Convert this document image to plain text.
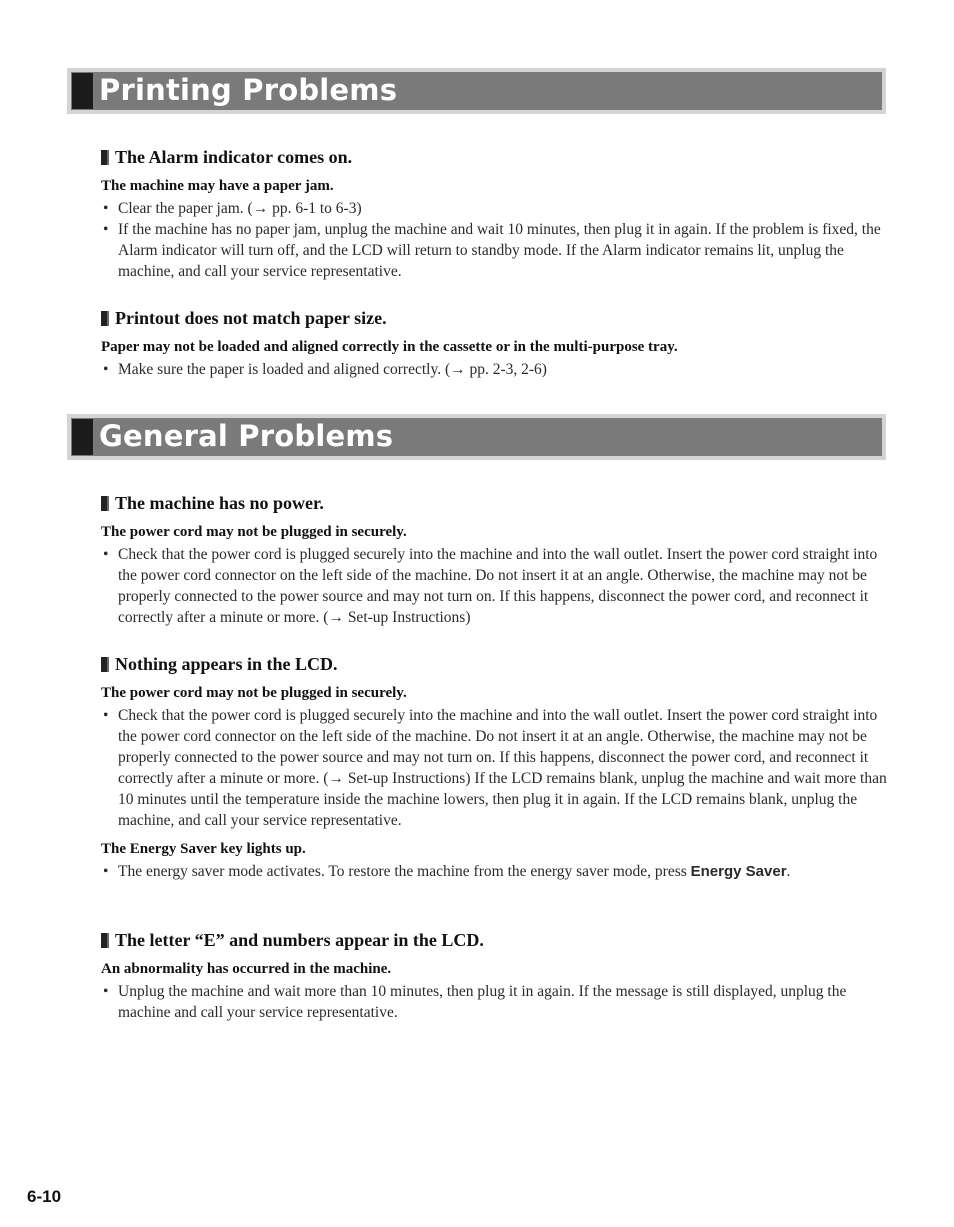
Printing Problems
The Alarm indicator comes on.
The machine may have a paper jam.
• Clear the paper jam. (→ pp. 6-1 to 6-3)
• If the machine has no paper jam, unplug the machine and wait 10 minutes, then plug it in again. If the problem is fixed, the Alarm indicator will turn off, and the LCD will return to standby mode. If the Alarm indicator remains lit, unplug the machine, and call your service representative.
Printout does not match paper size.
Paper may not be loaded and aligned correctly in the cassette or in the multi-purpose tray.
• Make sure the paper is loaded and aligned correctly. (→ pp. 2-3, 2-6)
General Problems
The machine has no power.
The power cord may not be plugged in securely.
• Check that the power cord is plugged securely into the machine and into the wall outlet. Insert the power cord straight into the power cord connector on the left side of the machine. Do not insert it at an angle. Otherwise, the machine may not be properly connected to the power source and may not turn on. If this happens, disconnect the power cord, and reconnect it correctly after a minute or more. (→ Set-up Instructions)
Nothing appears in the LCD.
The power cord may not be plugged in securely.
• Check that the power cord is plugged securely into the machine and into the wall outlet. Insert the power cord straight into the power cord connector on the left side of the machine. Do not insert it at an angle. Otherwise, the machine may not be properly connected to the power source and may not turn on. If this happens, disconnect the power cord, and reconnect it correctly after a minute or more. (→ Set-up Instructions) If the LCD remains blank, unplug the machine and wait more than 10 minutes until the temperature inside the machine lowers, then plug it in again. If the LCD remains blank, unplug the machine, and call your service representative.
The Energy Saver key lights up.
• The energy saver mode activates. To restore the machine from the energy saver mode, press Energy Saver.
The letter “E” and numbers appear in the LCD.
An abnormality has occurred in the machine.
• Unplug the machine and wait more than 10 minutes, then plug it in again. If the message is still displayed, unplug the machine and call your service representative.
6-10
